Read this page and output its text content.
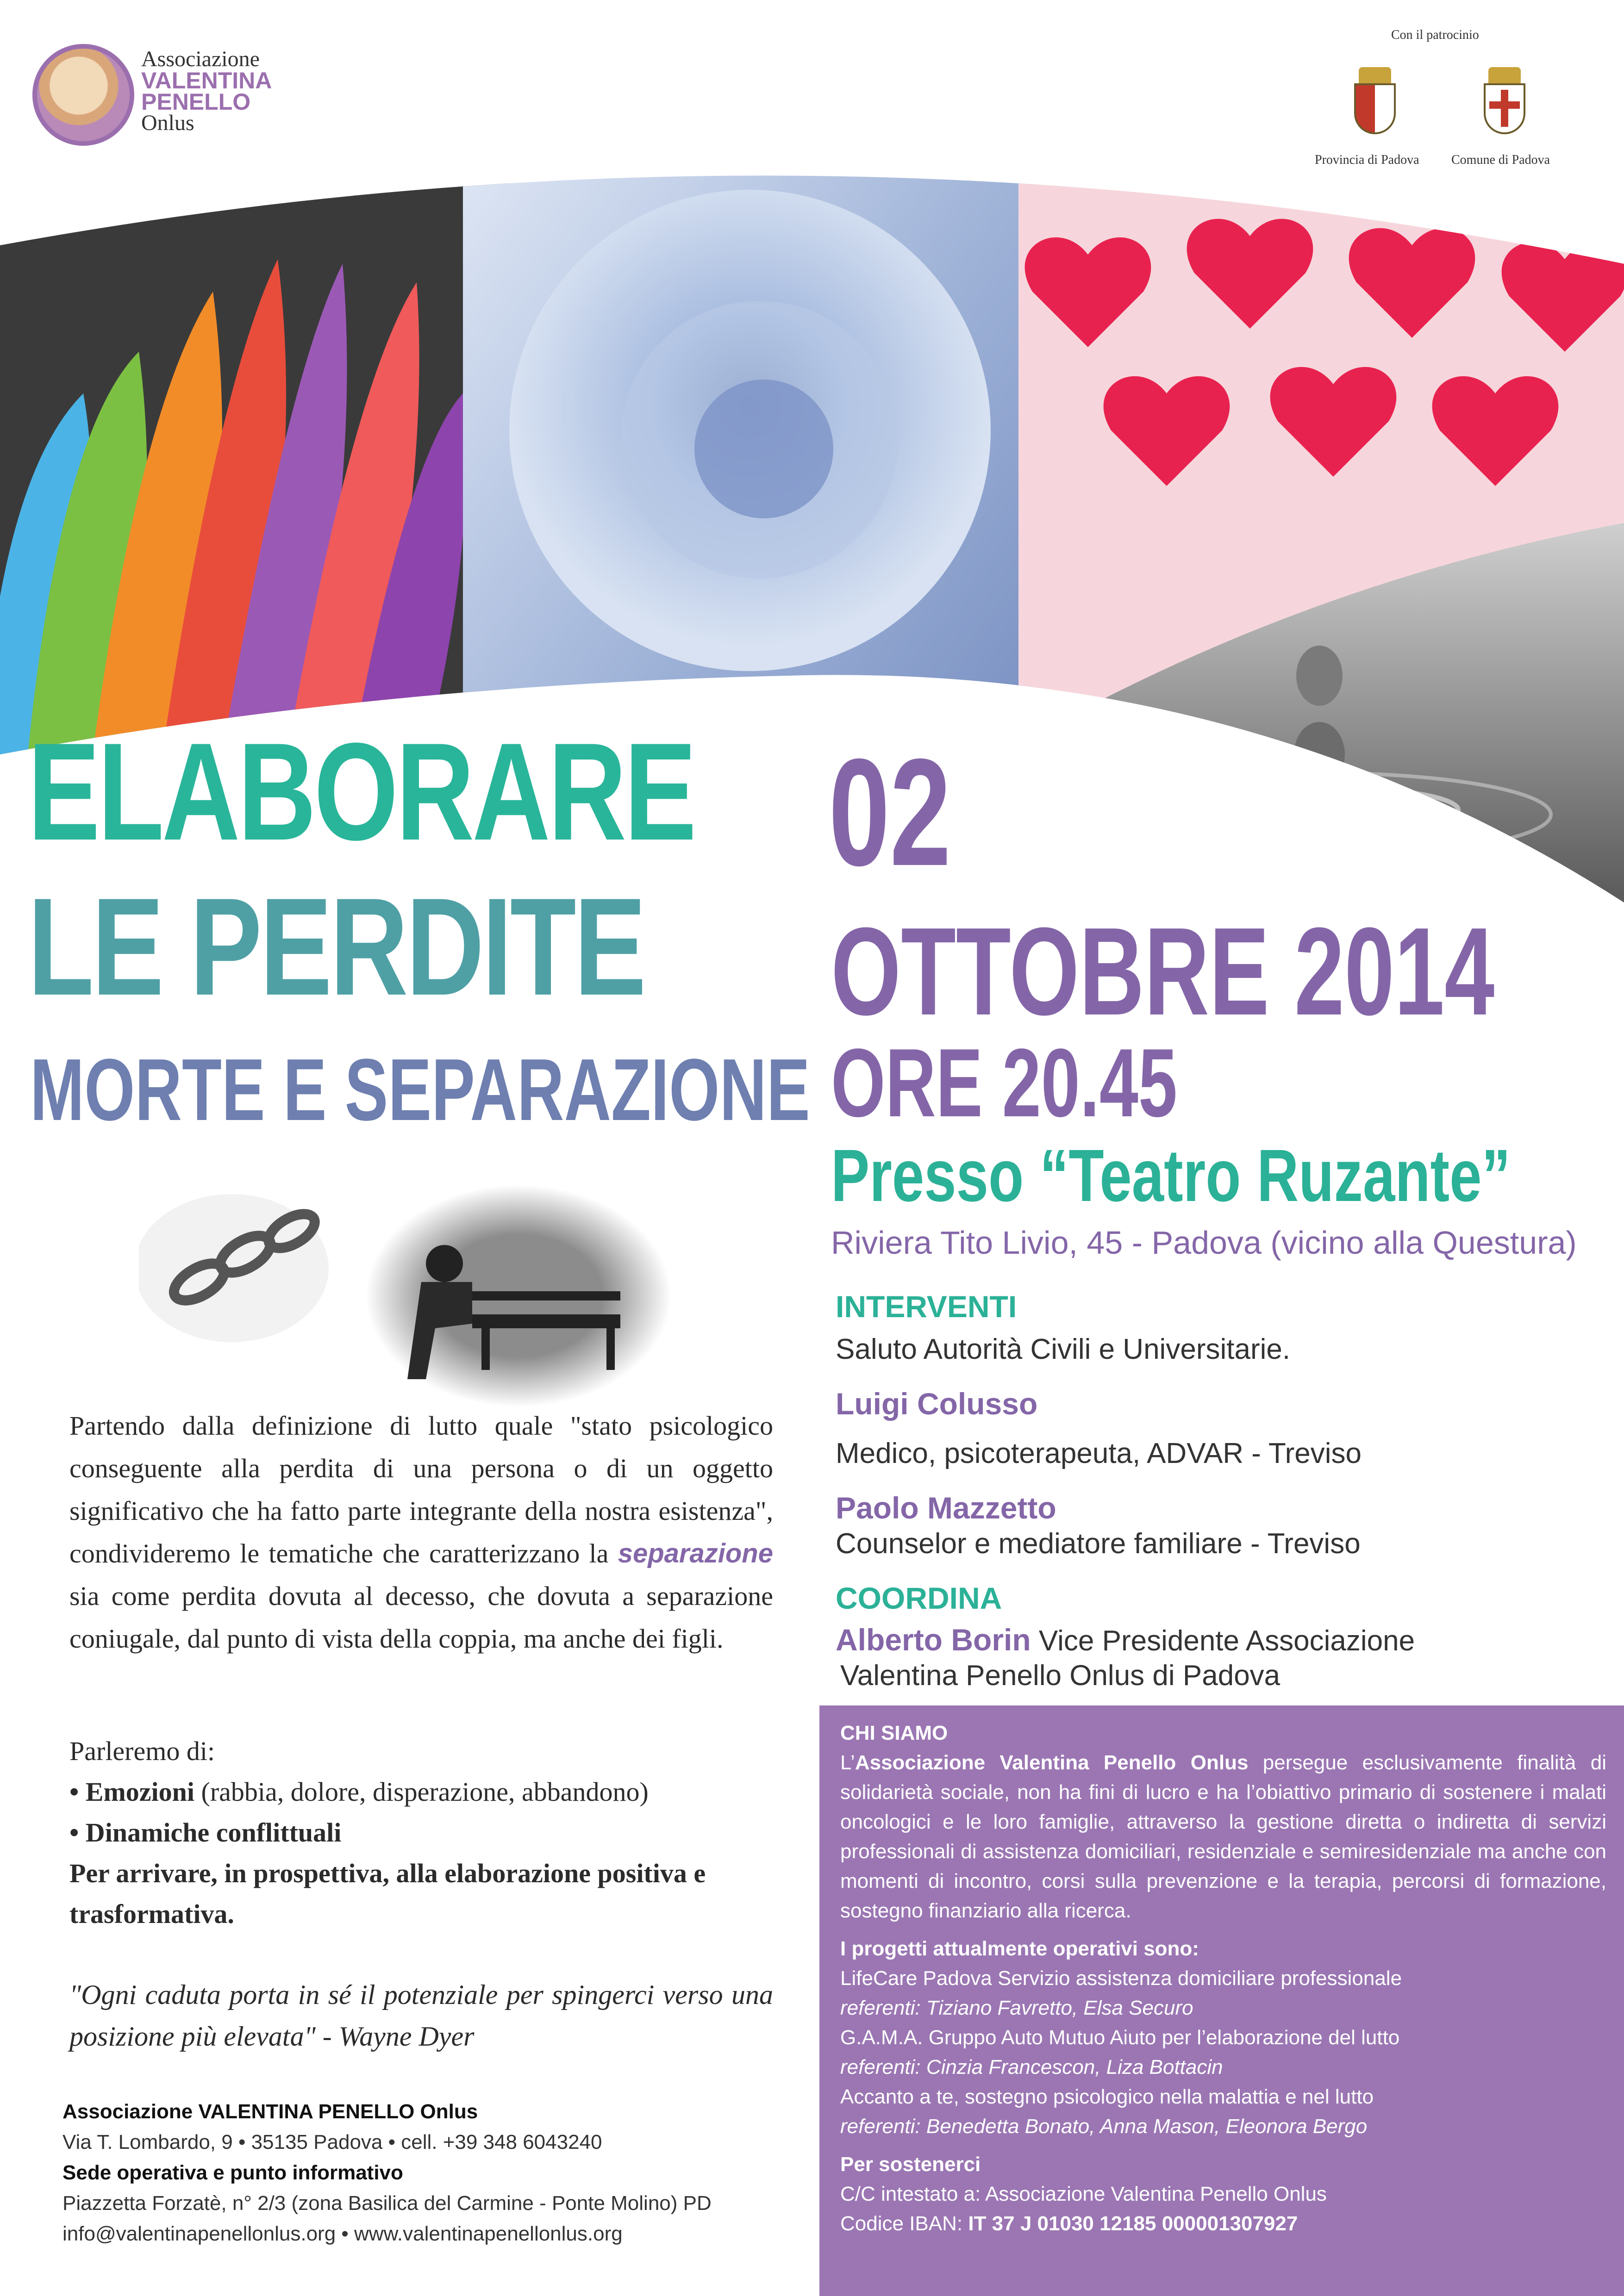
Associazione
VALENTINA
PENELLO
Onlus
Con il patrocinio
Provincia di Padova Comune di Padova
ELABORARE
LE PERDITE
MORTE E SEPARAZIONE
02
OTTOBRE 2014
ORE 20.45
Presso “Teatro Ruzante”
Riviera Tito Livio, 45 - Padova (vicino alla Questura)
INTERVENTI
Saluto Autorità Civili e Universitarie.
Luigi Colusso
Medico, psicoterapeuta, ADVAR - Treviso
Paolo Mazzetto
Counselor e mediatore familiare - Treviso
COORDINA
Alberto Borin Vice Presidente Associazione
Valentina Penello Onlus di Padova
Partendo dalla definizione di lutto quale "stato psicologico conseguente alla perdita di una persona o di un oggetto significativo che ha fatto parte integrante della nostra esistenza", condivideremo le tematiche che caratterizzano la separazione sia come perdita dovuta al decesso, che dovuta a separazione coniugale, dal punto di vista della coppia, ma anche dei figli.
Parleremo di:
• Emozioni (rabbia, dolore, disperazione, abbandono)
• Dinamiche conflittuali
Per arrivare, in prospettiva, alla elaborazione positiva e trasformativa.
"Ogni caduta porta in sé il potenziale per spingerci verso una posizione più elevata" - Wayne Dyer
Associazione VALENTINA PENELLO Onlus
Via T. Lombardo, 9 • 35135 Padova • cell. +39 348 6043240
Sede operativa e punto informativo
Piazzetta Forzatè, n° 2/3 (zona Basilica del Carmine - Ponte Molino) PD
info@valentinapenellonlus.org • www.valentinapenellonlus.org
CHI SIAMO
L’Associazione Valentina Penello Onlus persegue esclusivamente finalità di solidarietà sociale, non ha fini di lucro e ha l’obiattivo primario di sostenere i malati oncologici e le loro famiglie, attraverso la gestione diretta o indiretta di servizi professionali di assistenza domiciliari, residenziale e semiresidenziale ma anche con momenti di incontro, corsi sulla prevenzione e la terapia, percorsi di formazione, sostegno finanziario alla ricerca.
I progetti attualmente operativi sono:
LifeCare Padova Servizio assistenza domiciliare professionale
referenti: Tiziano Favretto, Elsa Securo
G.A.M.A. Gruppo Auto Mutuo Aiuto per l’elaborazione del lutto
referenti: Cinzia Francescon, Liza Bottacin
Accanto a te, sostegno psicologico nella malattia e nel lutto
referenti: Benedetta Bonato, Anna Mason, Eleonora Bergo
Per sostenerci
C/C intestato a: Associazione Valentina Penello Onlus
Codice IBAN: IT 37 J 01030 12185 000001307927
